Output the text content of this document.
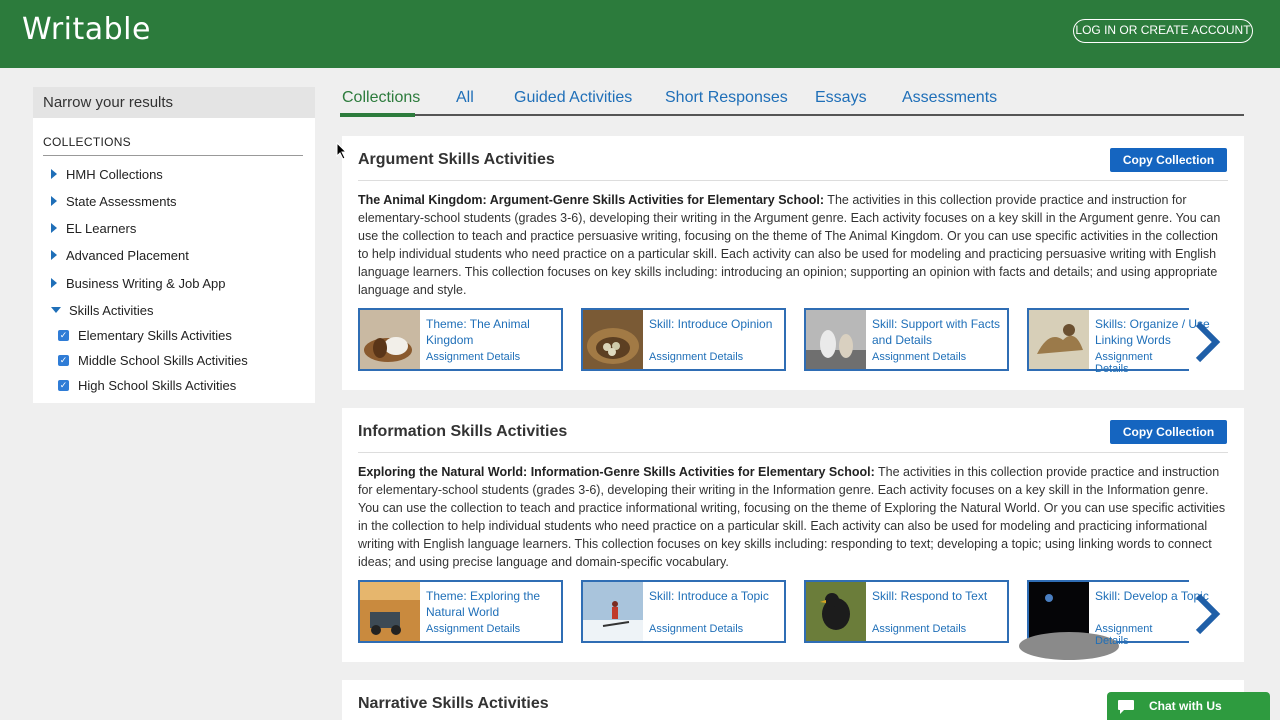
Writable	LOG IN OR CREATE ACCOUNT
Narrow your results
COLLECTIONS
HMH Collections
State Assessments
EL Learners
Advanced Placement
Business Writing & Job App
Skills Activities
✓ Elementary Skills Activities
✓ Middle School Skills Activities
✓ High School Skills Activities
Collections All	Guided Activities Short Responses Essays Assessments
Argument Skills Activities	Copy Collection
The Animal Kingdom: Argument-Genre Skills Activities for Elementary School: The activities in this collection provide practice and instruction for elementary-school students (grades 3-6), developing their writing in the Argument genre. Each activity focuses on a key skill in the Argument genre. You can use the collection to teach and practice persuasive writing, focusing on the theme of The Animal Kingdom. Or you can use specific activities in the collection to help individual students who need practice on a particular skill. Each activity can also be used for modeling and practicing persuasive writing with English language learners. This collection focuses on key skills including: introducing an opinion; supporting an opinion with facts and details; and using appropriate language and style.
Theme: The Animal Kingdom
Assignment Details
Skill: Introduce Opinion
Assignment Details
Skill: Support with Facts and Details
Assignment Details
Skills: Organize / Use Linking Words
Assignment Details
Information Skills Activities	Copy Collection
Exploring the Natural World: Information-Genre Skills Activities for Elementary School: The activities in this collection provide practice and instruction for elementary-school students (grades 3-6), developing their writing in the Information genre. Each activity focuses on a key skill in the Information genre. You can use the collection to teach and practice informational writing, focusing on the theme of Exploring the Natural World. Or you can use specific activities in the collection to help individual students who need practice on a particular skill. Each activity can also be used for modeling and practicing informational writing with English language learners. This collection focuses on key skills including: responding to text; developing a topic; using linking words to connect ideas; and using precise language and domain-specific vocabulary.
Theme: Exploring the Natural World
Assignment Details
Skill: Introduce a Topic
Assignment Details
Skill: Respond to Text
Assignment Details
Skill: Develop a Topic
Assignment Details
Narrative Skills Activities	Chat with Us
